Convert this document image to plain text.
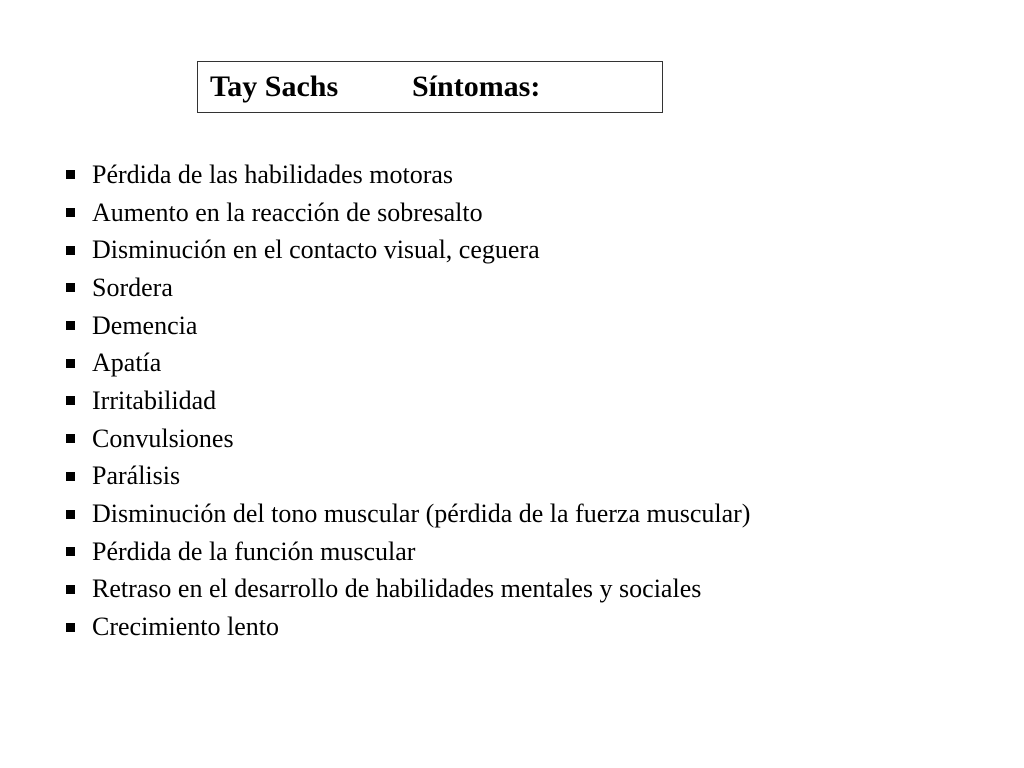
Tay Sachs	Síntomas:
Pérdida de las habilidades motoras
Aumento en la reacción de sobresalto
Disminución en el contacto visual, ceguera
Sordera
Demencia
Apatía
Irritabilidad
Convulsiones
Parálisis
Disminución del tono muscular (pérdida de la fuerza muscular)
Pérdida de la función muscular
Retraso en el desarrollo de habilidades mentales y sociales
Crecimiento lento
